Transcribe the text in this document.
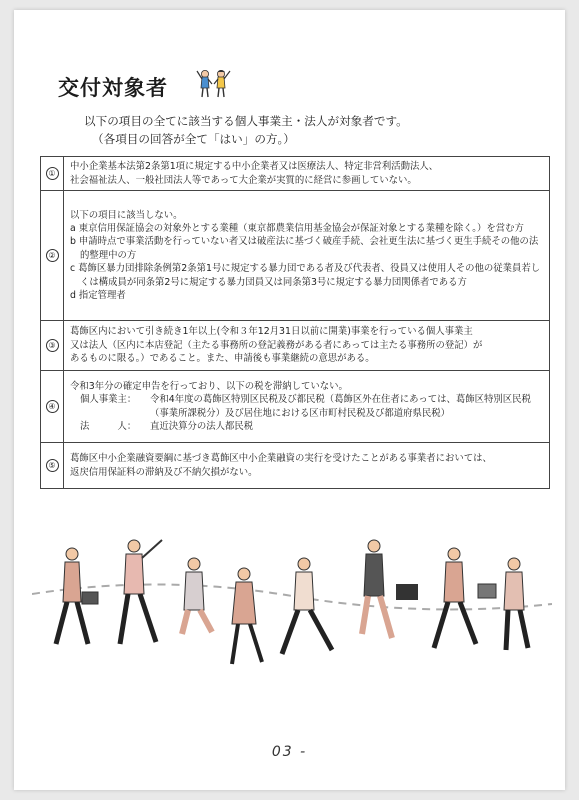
交付対象者
以下の項目の全てに該当する個人事業主・法人が対象者です。
（各項目の回答が全て「はい」の方。）
①	中小企業基本法第2条第1項に規定する中小企業者又は医療法人、特定非営利活動法人、
社会福祉法人、一般社団法人等であって大企業が実質的に経営に参画していない。

②	以下の項目に該当しない。
a 東京信用保証協会の対象外とする業種（東京都農業信用基金協会が保証対象とする業種を除く。）を営む方
b 申請時点で事業活動を行っていない者又は破産法に基づく破産手続、会社更生法に基づく更生手続その他の法的整理中の方
c 葛飾区暴力団排除条例第2条第1号に規定する暴力団である者及び代表者、役員又は使用人その他の従業員若しくは構成員が同条第2号に規定する暴力団員又は同条第3号に規定する暴力団関係者である方
d 指定管理者

③	葛飾区内において引き続き1年以上(令和３年12月31日以前に開業)事業を行っている個人事業主
又は法人（区内に本店登記（主たる事務所の登記義務がある者にあっては主たる事務所の登記）が
あるものに限る。）であること。また、申請後も事業継続の意思がある。

④	令和3年分の確定申告を行っており、以下の税を滞納していない。
個人事業主： 令和4年度の葛飾区特別区民税及び都民税（葛飾区外在住者にあっては、葛飾区特別区民税（事業所課税分）及び居住地における区市町村民税及び都道府県民税）
法　　　人： 直近決算分の法人都民税

⑤	葛飾区中小企業融資要綱に基づき葛飾区中小企業融資の実行を受けたことがある事業者においては、
返戻信用保証料の滞納及び不納欠損がない。
03 -
